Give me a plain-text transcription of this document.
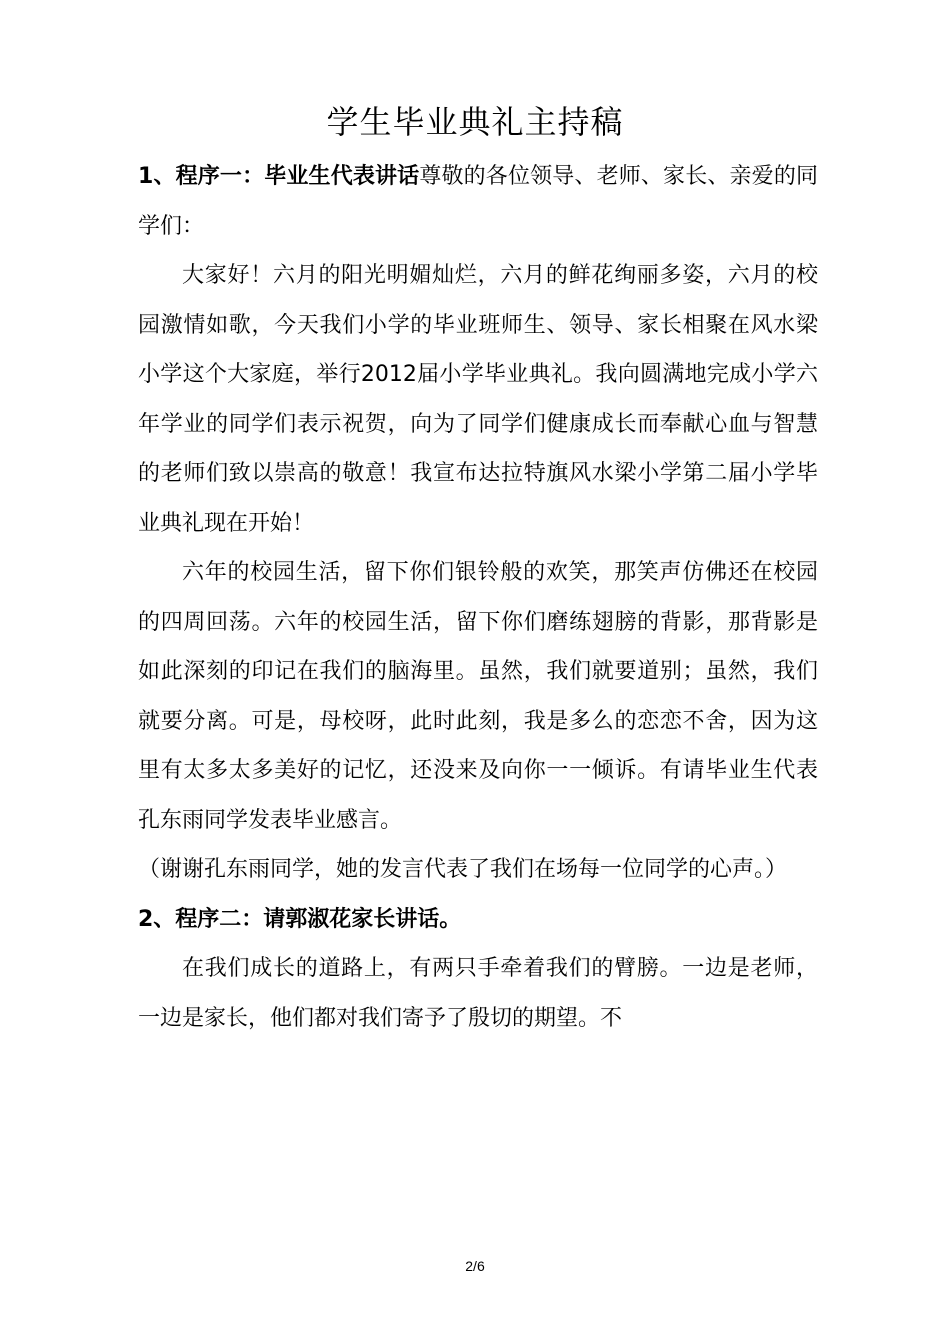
学生毕业典礼主持稿

1、程序一：毕业生代表讲话尊敬的各位领导、老师、家长、亲爱的同学们：

大家好！六月的阳光明媚灿烂，六月的鲜花绚丽多姿，六月的校园激情如歌，今天我们小学的毕业班师生、领导、家长相聚在风水梁小学这个大家庭，举行2012届小学毕业典礼。我向圆满地完成小学六年学业的同学们表示祝贺，向为了同学们健康成长而奉献心血与智慧的老师们致以崇高的敬意！我宣布达拉特旗风水梁小学第二届小学毕业典礼现在开始！

六年的校园生活，留下你们银铃般的欢笑，那笑声仿佛还在校园的四周回荡。六年的校园生活，留下你们磨练翅膀的背影，那背影是如此深刻的印记在我们的脑海里。虽然，我们就要道别；虽然，我们就要分离。可是，母校呀，此时此刻，我是多么的恋恋不舍，因为这里有太多太多美好的记忆，还没来及向你一一倾诉。有请毕业生代表孔东雨同学发表毕业感言。

（谢谢孔东雨同学，她的发言代表了我们在场每一位同学的心声。）

2、程序二：请郭淑花家长讲话。

在我们成长的道路上，有两只手牵着我们的臂膀。一边是老师，一边是家长，他们都对我们寄予了殷切的期望。不

2/6
